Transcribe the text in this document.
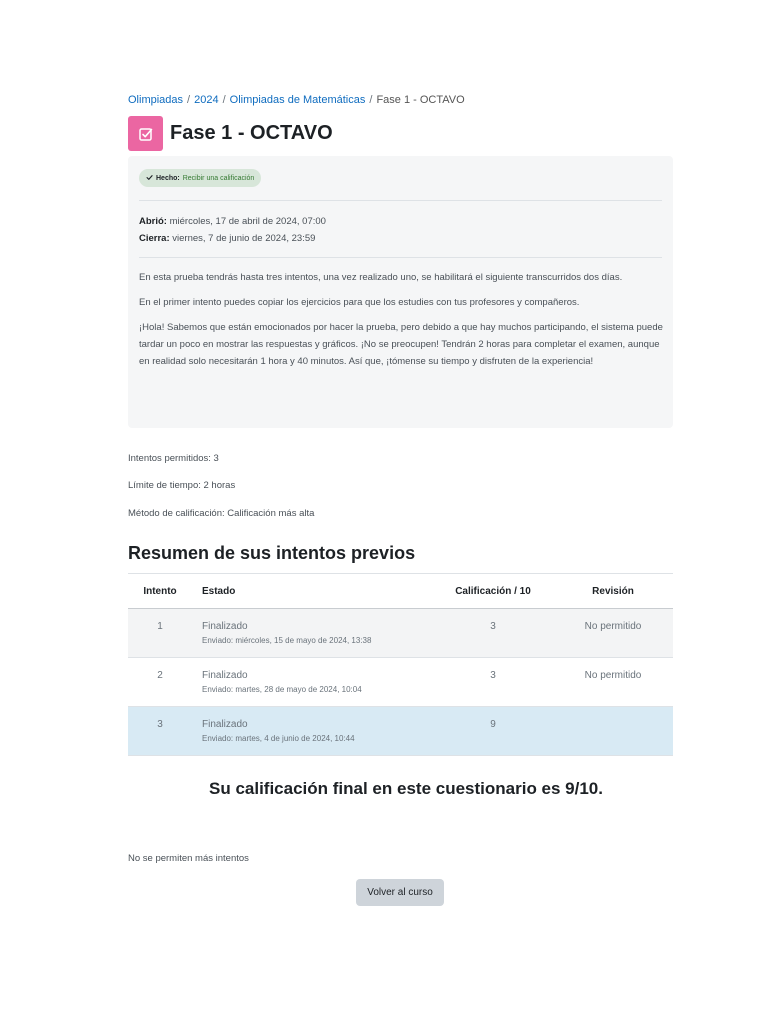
Olimpiadas / 2024 / Olimpiadas de Matemáticas / Fase 1 - OCTAVO
Fase 1 - OCTAVO
Hecho: Recibir una calificación
Abrió: miércoles, 17 de abril de 2024, 07:00
Cierra: viernes, 7 de junio de 2024, 23:59

En esta prueba tendrás hasta tres intentos, una vez realizado uno, se habilitará el siguiente transcurridos dos días.

En el primer intento puedes copiar los ejercicios para que los estudies con tus profesores y compañeros.

¡Hola! Sabemos que están emocionados por hacer la prueba, pero debido a que hay muchos participando, el sistema puede tardar un poco en mostrar las respuestas y gráficos. ¡No se preocupen! Tendrán 2 horas para completar el examen, aunque en realidad solo necesitarán 1 hora y 40 minutos. Así que, ¡tómense su tiempo y disfruten de la experiencia!

Intentos permitidos: 3
Límite de tiempo: 2 horas
Método de calificación: Calificación más alta
Resumen de sus intentos previos
Intento	Estado	Calificación / 10	Revisión
1	Finalizado
Enviado: miércoles, 15 de mayo de 2024, 13:38	3	No permitido
2	Finalizado
Enviado: martes, 28 de mayo de 2024, 10:04	3	No permitido
3	Finalizado
Enviado: martes, 4 de junio de 2024, 10:44	9	
Su calificación final en este cuestionario es 9/10.
No se permiten más intentos
Volver al curso
